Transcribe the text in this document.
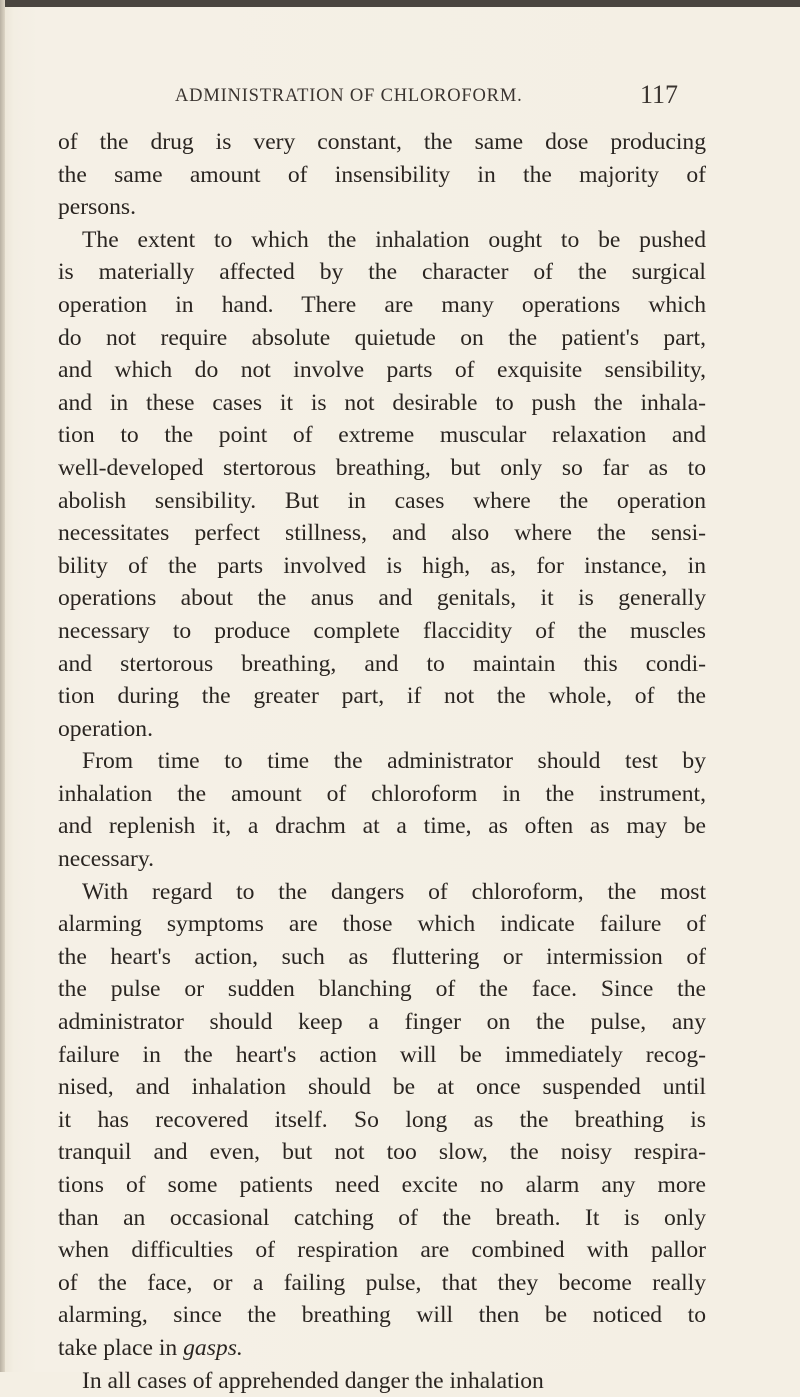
ADMINISTRATION OF CHLOROFORM.	117
of the drug is very constant, the same dose producing
the same amount of insensibility in the majority of
persons.
The extent to which the inhalation ought to be pushed
is materially affected by the character of the surgical
operation in hand. There are many operations which
do not require absolute quietude on the patient's part,
and which do not involve parts of exquisite sensibility,
and in these cases it is not desirable to push the inhala-
tion to the point of extreme muscular relaxation and
well-developed stertorous breathing, but only so far as to
abolish sensibility. But in cases where the operation
necessitates perfect stillness, and also where the sensi-
bility of the parts involved is high, as, for instance, in
operations about the anus and genitals, it is generally
necessary to produce complete flaccidity of the muscles
and stertorous breathing, and to maintain this condi-
tion during the greater part, if not the whole, of the
operation.
From time to time the administrator should test by
inhalation the amount of chloroform in the instrument,
and replenish it, a drachm at a time, as often as may be
necessary.
With regard to the dangers of chloroform, the most
alarming symptoms are those which indicate failure of
the heart's action, such as fluttering or intermission of
the pulse or sudden blanching of the face. Since the
administrator should keep a finger on the pulse, any
failure in the heart's action will be immediately recog-
nised, and inhalation should be at once suspended until
it has recovered itself. So long as the breathing is
tranquil and even, but not too slow, the noisy respira-
tions of some patients need excite no alarm any more
than an occasional catching of the breath. It is only
when difficulties of respiration are combined with pallor
of the face, or a failing pulse, that they become really
alarming, since the breathing will then be noticed to
take place in gasps.
In all cases of apprehended danger the inhalation
